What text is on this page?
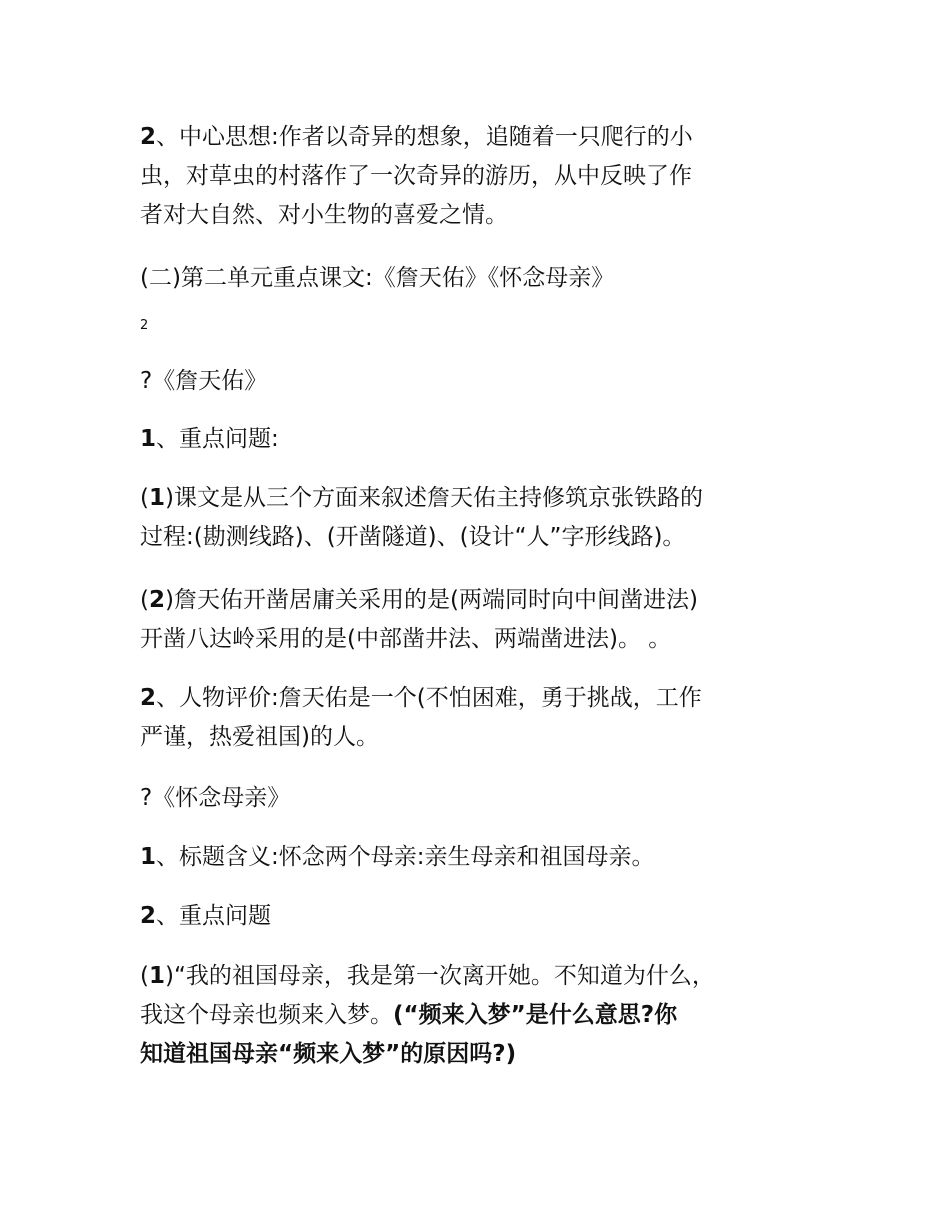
2、中心思想:作者以奇异的想象，追随着一只爬行的小
虫，对草虫的村落作了一次奇异的游历，从中反映了作
者对大自然、对小生物的喜爱之情。

(二)第二单元重点课文:《詹天佑》《怀念母亲》

2

?《詹天佑》

1、重点问题:

(1)课文是从三个方面来叙述詹天佑主持修筑京张铁路的
过程:(勘测线路)、(开凿隧道)、(设计“人”字形线路)。

(2)詹天佑开凿居庸关采用的是(两端同时向中间凿进法)
开凿八达岭采用的是(中部凿井法、两端凿进法)。 。

2、人物评价:詹天佑是一个(不怕困难，勇于挑战，工作
严谨，热爱祖国)的人。

?《怀念母亲》

1、标题含义:怀念两个母亲:亲生母亲和祖国母亲。

2、重点问题

(1)“我的祖国母亲，我是第一次离开她。不知道为什么，
我这个母亲也频来入梦。(“频来入梦”是什么意思?你
知道祖国母亲“频来入梦”的原因吗?)
